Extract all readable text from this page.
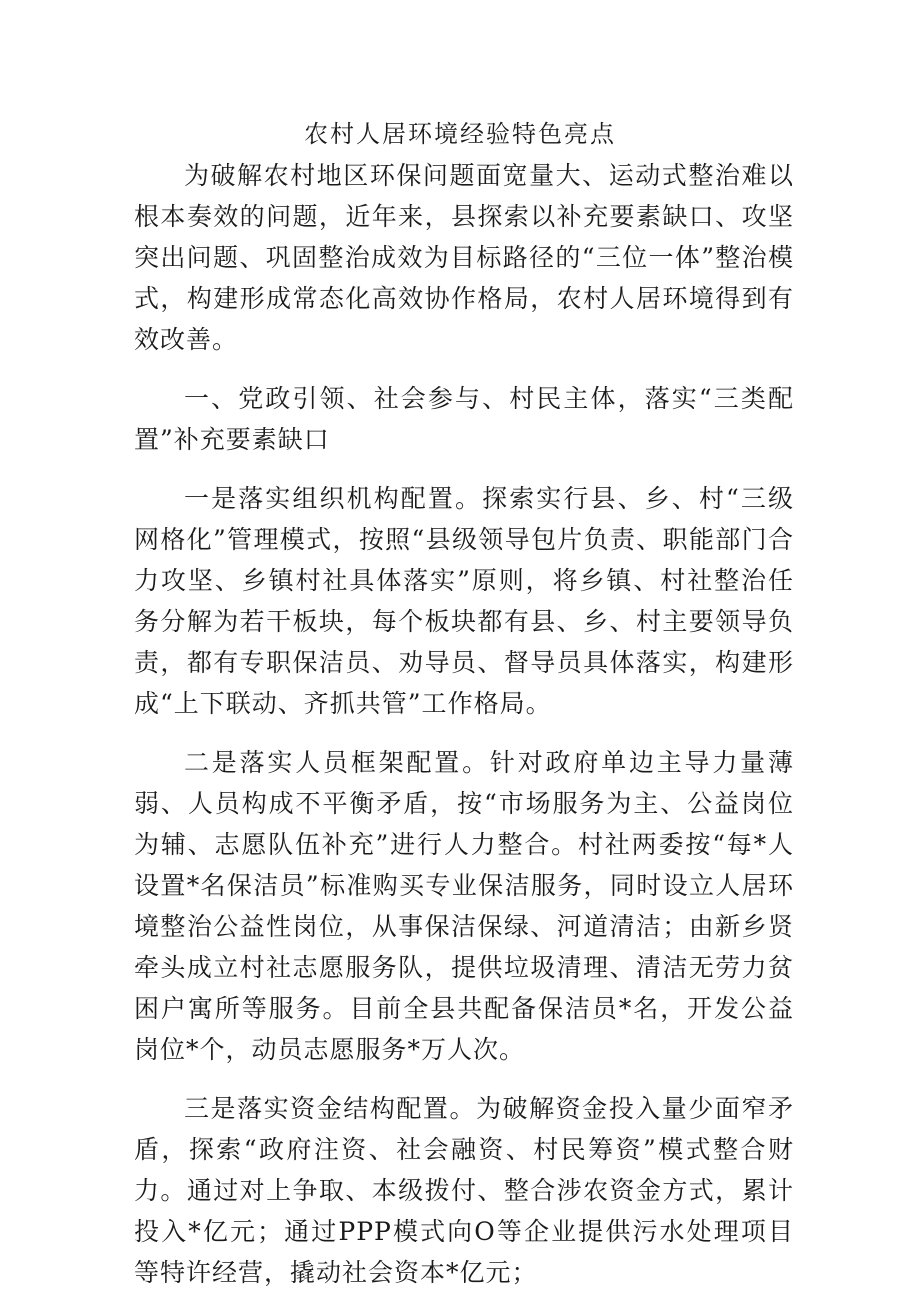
农村人居环境经验特色亮点

为破解农村地区环保问题面宽量大、运动式整治难以根本奏效的问题，近年来，县探索以补充要素缺口、攻坚突出问题、巩固整治成效为目标路径的“三位一体”整治模式，构建形成常态化高效协作格局，农村人居环境得到有效改善。

一、党政引领、社会参与、村民主体，落实“三类配置”补充要素缺口

一是落实组织机构配置。探索实行县、乡、村“三级网格化”管理模式，按照“县级领导包片负责、职能部门合力攻坚、乡镇村社具体落实”原则，将乡镇、村社整治任务分解为若干板块，每个板块都有县、乡、村主要领导负责，都有专职保洁员、劝导员、督导员具体落实，构建形成“上下联动、齐抓共管”工作格局。

二是落实人员框架配置。针对政府单边主导力量薄弱、人员构成不平衡矛盾，按“市场服务为主、公益岗位为辅、志愿队伍补充”进行人力整合。村社两委按“每*人设置*名保洁员”标准购买专业保洁服务，同时设立人居环境整治公益性岗位，从事保洁保绿、河道清洁；由新乡贤牵头成立村社志愿服务队，提供垃圾清理、清洁无劳力贫困户寓所等服务。目前全县共配备保洁员*名，开发公益岗位*个，动员志愿服务*万人次。

三是落实资金结构配置。为破解资金投入量少面窄矛盾，探索“政府注资、社会融资、村民筹资”模式整合财力。通过对上争取、本级拨付、整合涉农资金方式，累计投入*亿元；通过PPP模式向O等企业提供污水处理项目等特许经营，撬动社会资本*亿元；
